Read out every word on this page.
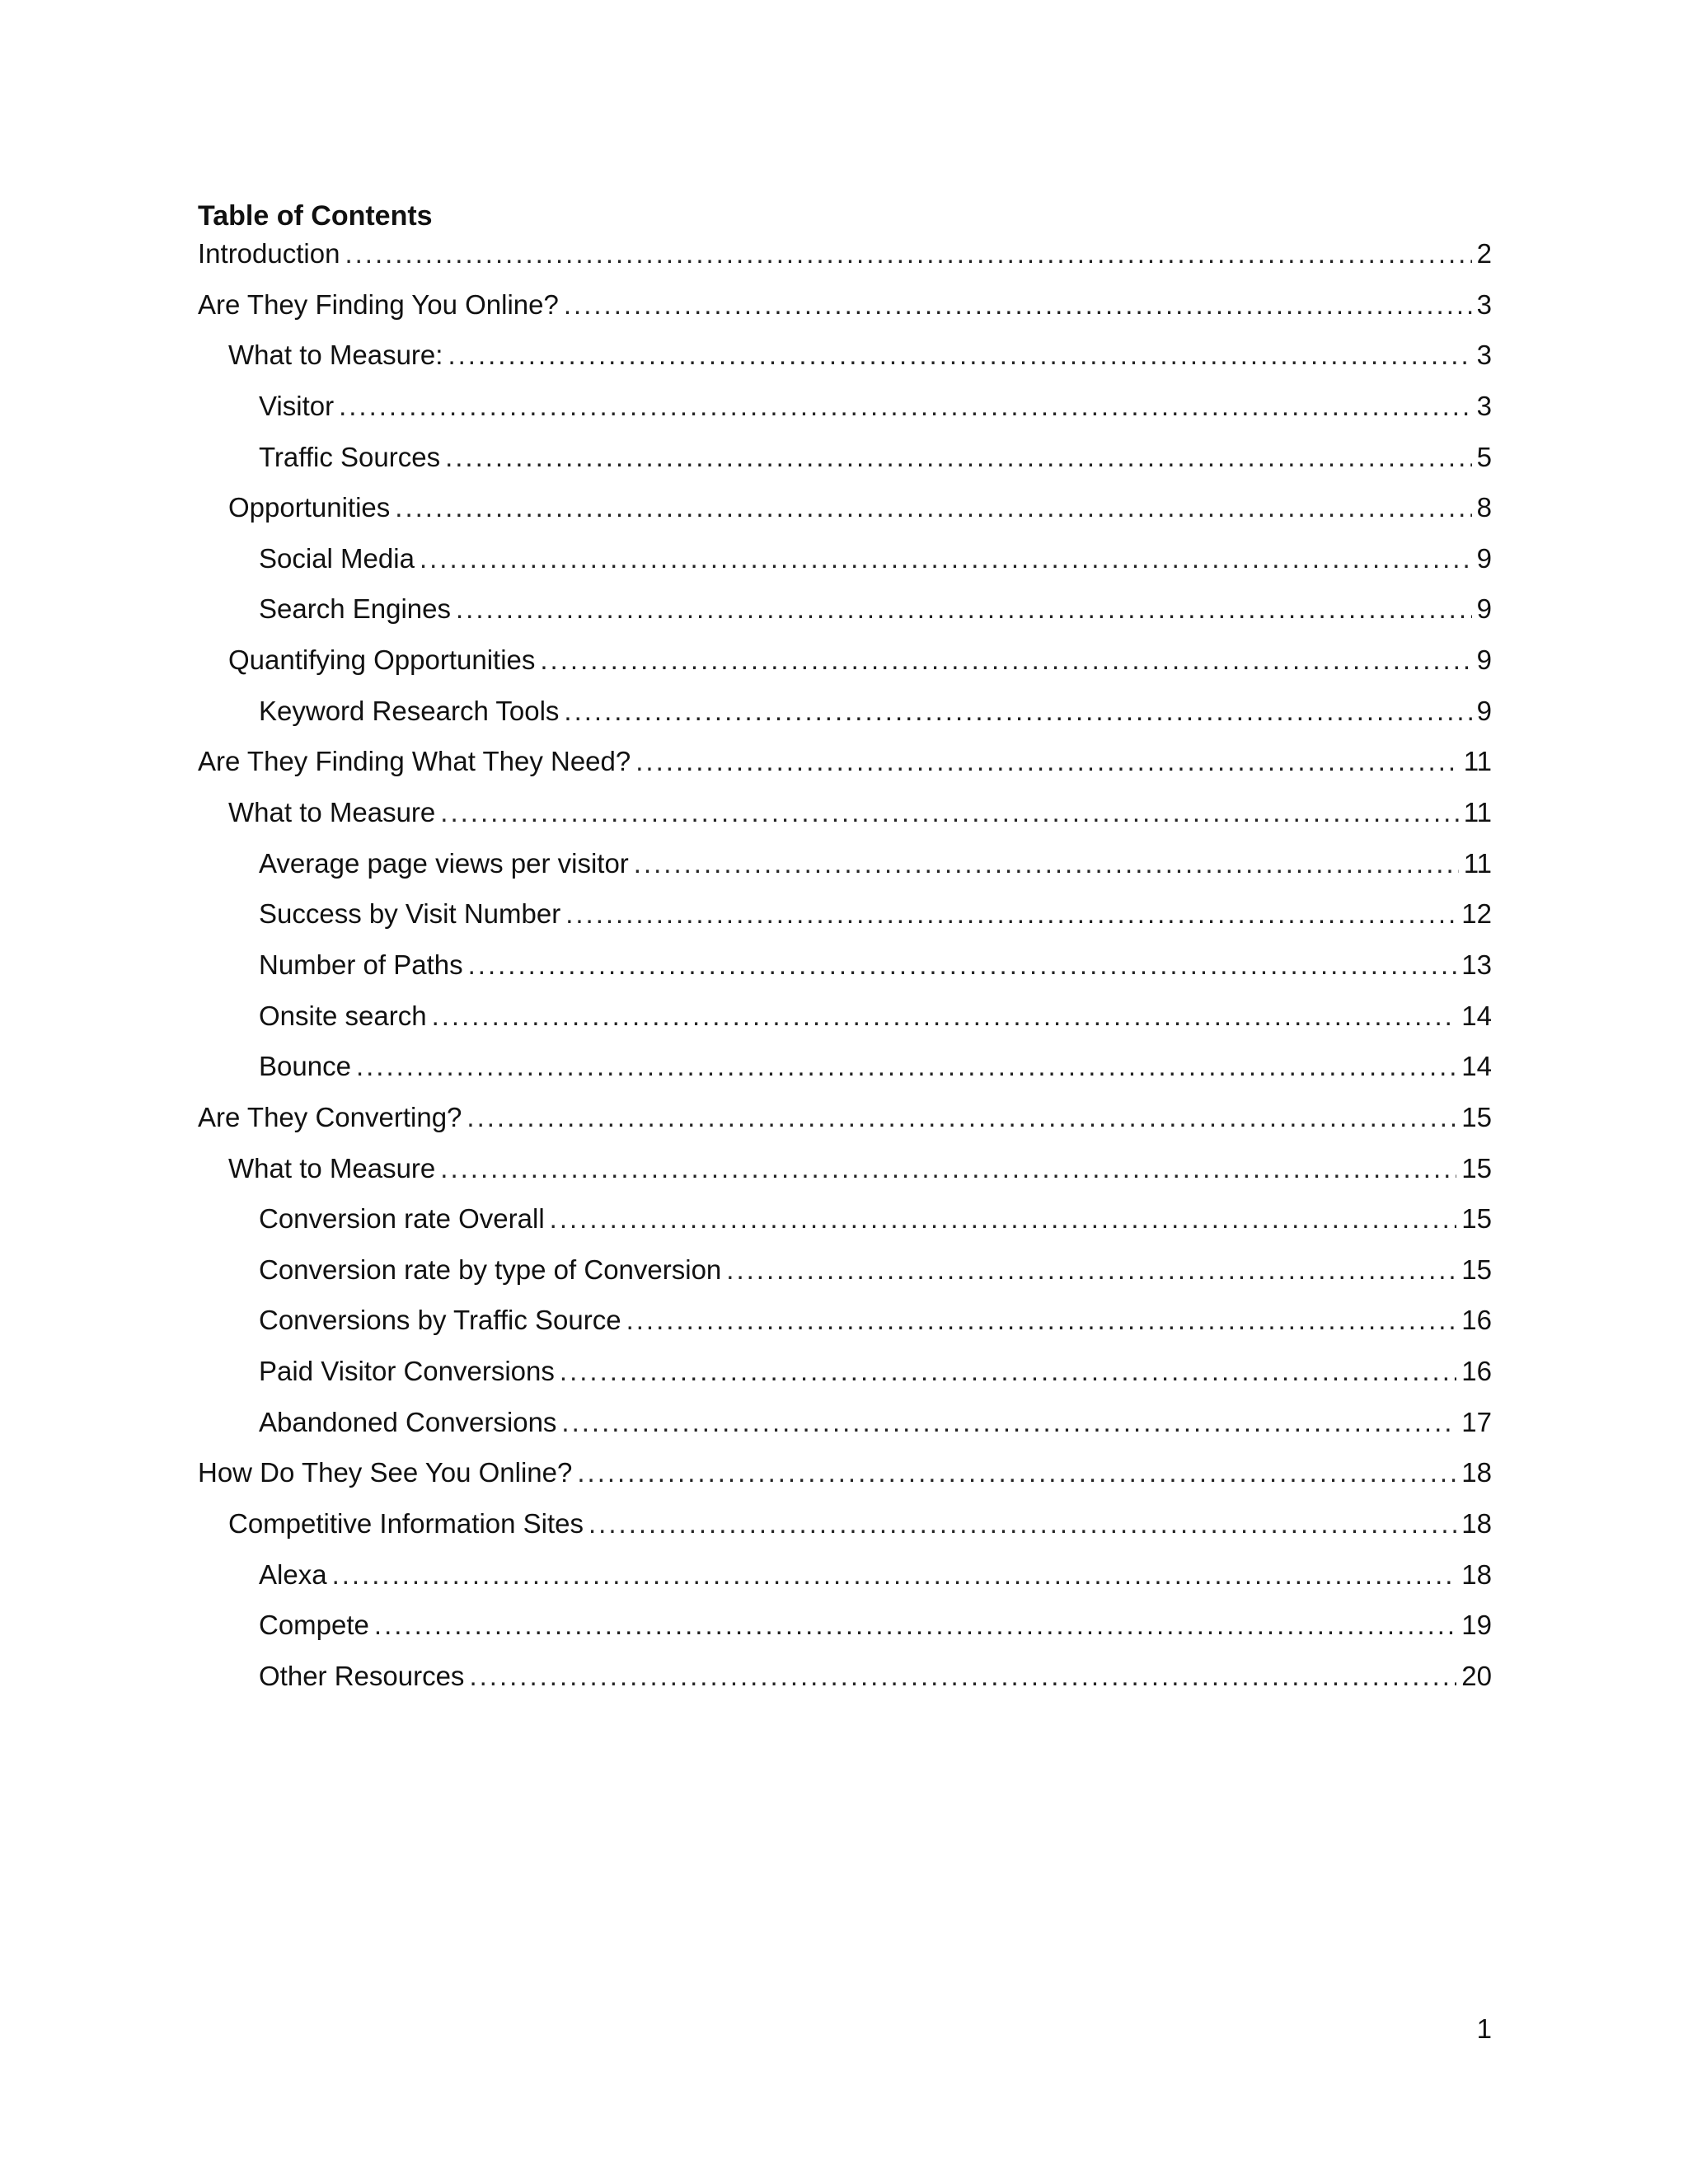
Table of Contents
Introduction .....	2
Are They Finding You Online? .....	3
What to Measure: .....	3
Visitor .....	3
Traffic Sources .....	5
Opportunities .....	8
Social Media .....	9
Search Engines .....	9
Quantifying Opportunities .....	9
Keyword Research Tools .....	9
Are They Finding What They Need? .....	11
What to Measure .....	11
Average page views per visitor .....	11
Success by Visit Number .....	12
Number of Paths .....	13
Onsite search .....	14
Bounce .....	14
Are They Converting? .....	15
What to Measure .....	15
Conversion rate Overall .....	15
Conversion rate by type of Conversion .....	15
Conversions by Traffic Source .....	16
Paid Visitor Conversions .....	16
Abandoned Conversions .....	17
How Do They See You Online? .....	18
Competitive Information Sites .....	18
Alexa .....	18
Compete .....	19
Other Resources .....	20
1
